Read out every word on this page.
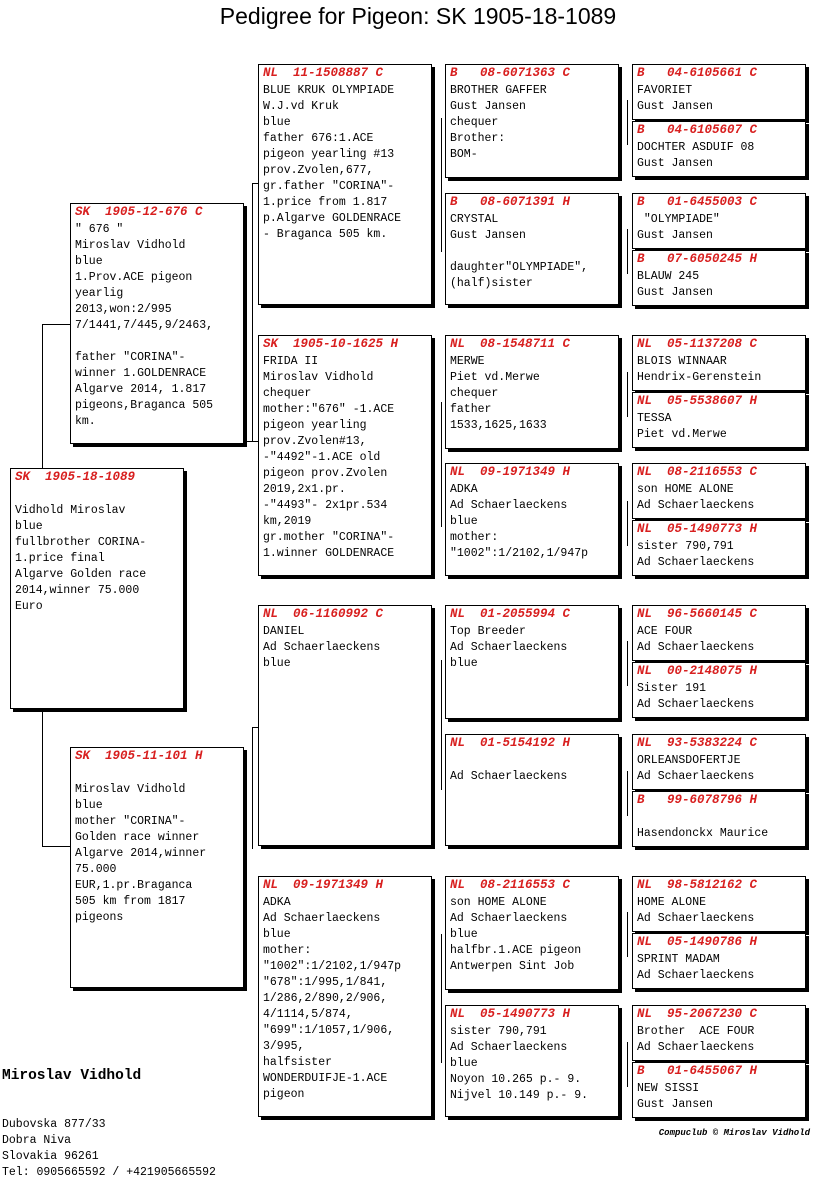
Pedigree for Pigeon: SK 1905-18-1089
SK  1905-18-1089

Vidhold Miroslav
blue
fullbrother CORINA-
1.price final
Algarve Golden race
2014,winner 75.000
Euro
SK  1905-12-676 C
" 676 "
Miroslav Vidhold
blue
1.Prov.ACE pigeon
yearlig
2013,won:2/995
7/1441,7/445,9/2463,

father "CORINA"-
winner 1.GOLDENRACE
Algarve 2014, 1.817
pigeons,Braganca 505
km.
SK  1905-11-101 H

Miroslav Vidhold
blue
mother "CORINA"-
Golden race winner
Algarve 2014,winner
75.000
EUR,1.pr.Braganca
505 km from 1817
pigeons
NL  11-1508887 C
BLUE KRUK OLYMPIADE
W.J.vd Kruk
blue
father 676:1.ACE
pigeon yearling #13
prov.Zvolen,677,
gr.father "CORINA"-
1.price from 1.817
p.Algarve GOLDENRACE
- Braganca 505 km.
SK  1905-10-1625 H
FRIDA II
Miroslav Vidhold
chequer
mother:"676" -1.ACE
pigeon yearling
prov.Zvolen#13,
-"4492"-1.ACE old
pigeon prov.Zvolen
2019,2x1.pr.
-"4493"- 2x1pr.534
km,2019
gr.mother "CORINA"-
1.winner GOLDENRACE
NL  06-1160992 C
DANIEL
Ad Schaerlaeckens
blue
NL  09-1971349 H
ADKA
Ad Schaerlaeckens
blue
mother:
"1002":1/2102,1/947p
"678":1/995,1/841,
1/286,2/890,2/906,
4/1114,5/874,
"699":1/1057,1/906,
3/995,
halfsister
WONDERDUIFJE-1.ACE
pigeon
B   08-6071363 C
BROTHER GAFFER
Gust Jansen
chequer
Brother:
BOM-
B   08-6071391 H
CRYSTAL
Gust Jansen

daughter"OLYMPIADE",
(half)sister
NL  08-1548711 C
MERWE
Piet vd.Merwe
chequer
father
1533,1625,1633
NL  09-1971349 H
ADKA
Ad Schaerlaeckens
blue
mother:
"1002":1/2102,1/947p
NL  01-2055994 C
Top Breeder
Ad Schaerlaeckens
blue
NL  01-5154192 H

Ad Schaerlaeckens
NL  08-2116553 C
son HOME ALONE
Ad Schaerlaeckens
blue
halfbr.1.ACE pigeon
Antwerpen Sint Job
NL  05-1490773 H
sister 790,791
Ad Schaerlaeckens
blue
Noyon 10.265 p.- 9.
Nijvel 10.149 p.- 9.
B   04-6105661 C
FAVORIET
Gust Jansen
B   04-6105607 C
DOCHTER ASDUIF 08
Gust Jansen
B   01-6455003 C
"OLYMPIADE"
Gust Jansen
B   07-6050245 H
BLAUW 245
Gust Jansen
NL  05-1137208 C
BLOIS WINNAAR
Hendrix-Gerenstein
NL  05-5538607 H
TESSA
Piet vd.Merwe
NL  08-2116553 C
son HOME ALONE
Ad Schaerlaeckens
NL  05-1490773 H
sister 790,791
Ad Schaerlaeckens
NL  96-5660145 C
ACE FOUR
Ad Schaerlaeckens
NL  00-2148075 H
Sister 191
Ad Schaerlaeckens
NL  93-5383224 C
ORLEANSDOFERTJE
Ad Schaerlaeckens
B   99-6078796 H

Hasendonckx Maurice
NL  98-5812162 C
HOME ALONE
Ad Schaerlaeckens
NL  05-1490786 H
SPRINT MADAM
Ad Schaerlaeckens
NL  95-2067230 C
Brother  ACE FOUR
Ad Schaerlaeckens
B   01-6455067 H
NEW SISSI
Gust Jansen

Miroslav Vidhold

Dubovska 877/33
Dobra Niva
Slovakia 96261
Tel: 0905665592 / +421905665592

Compuclub © Miroslav Vidhold
